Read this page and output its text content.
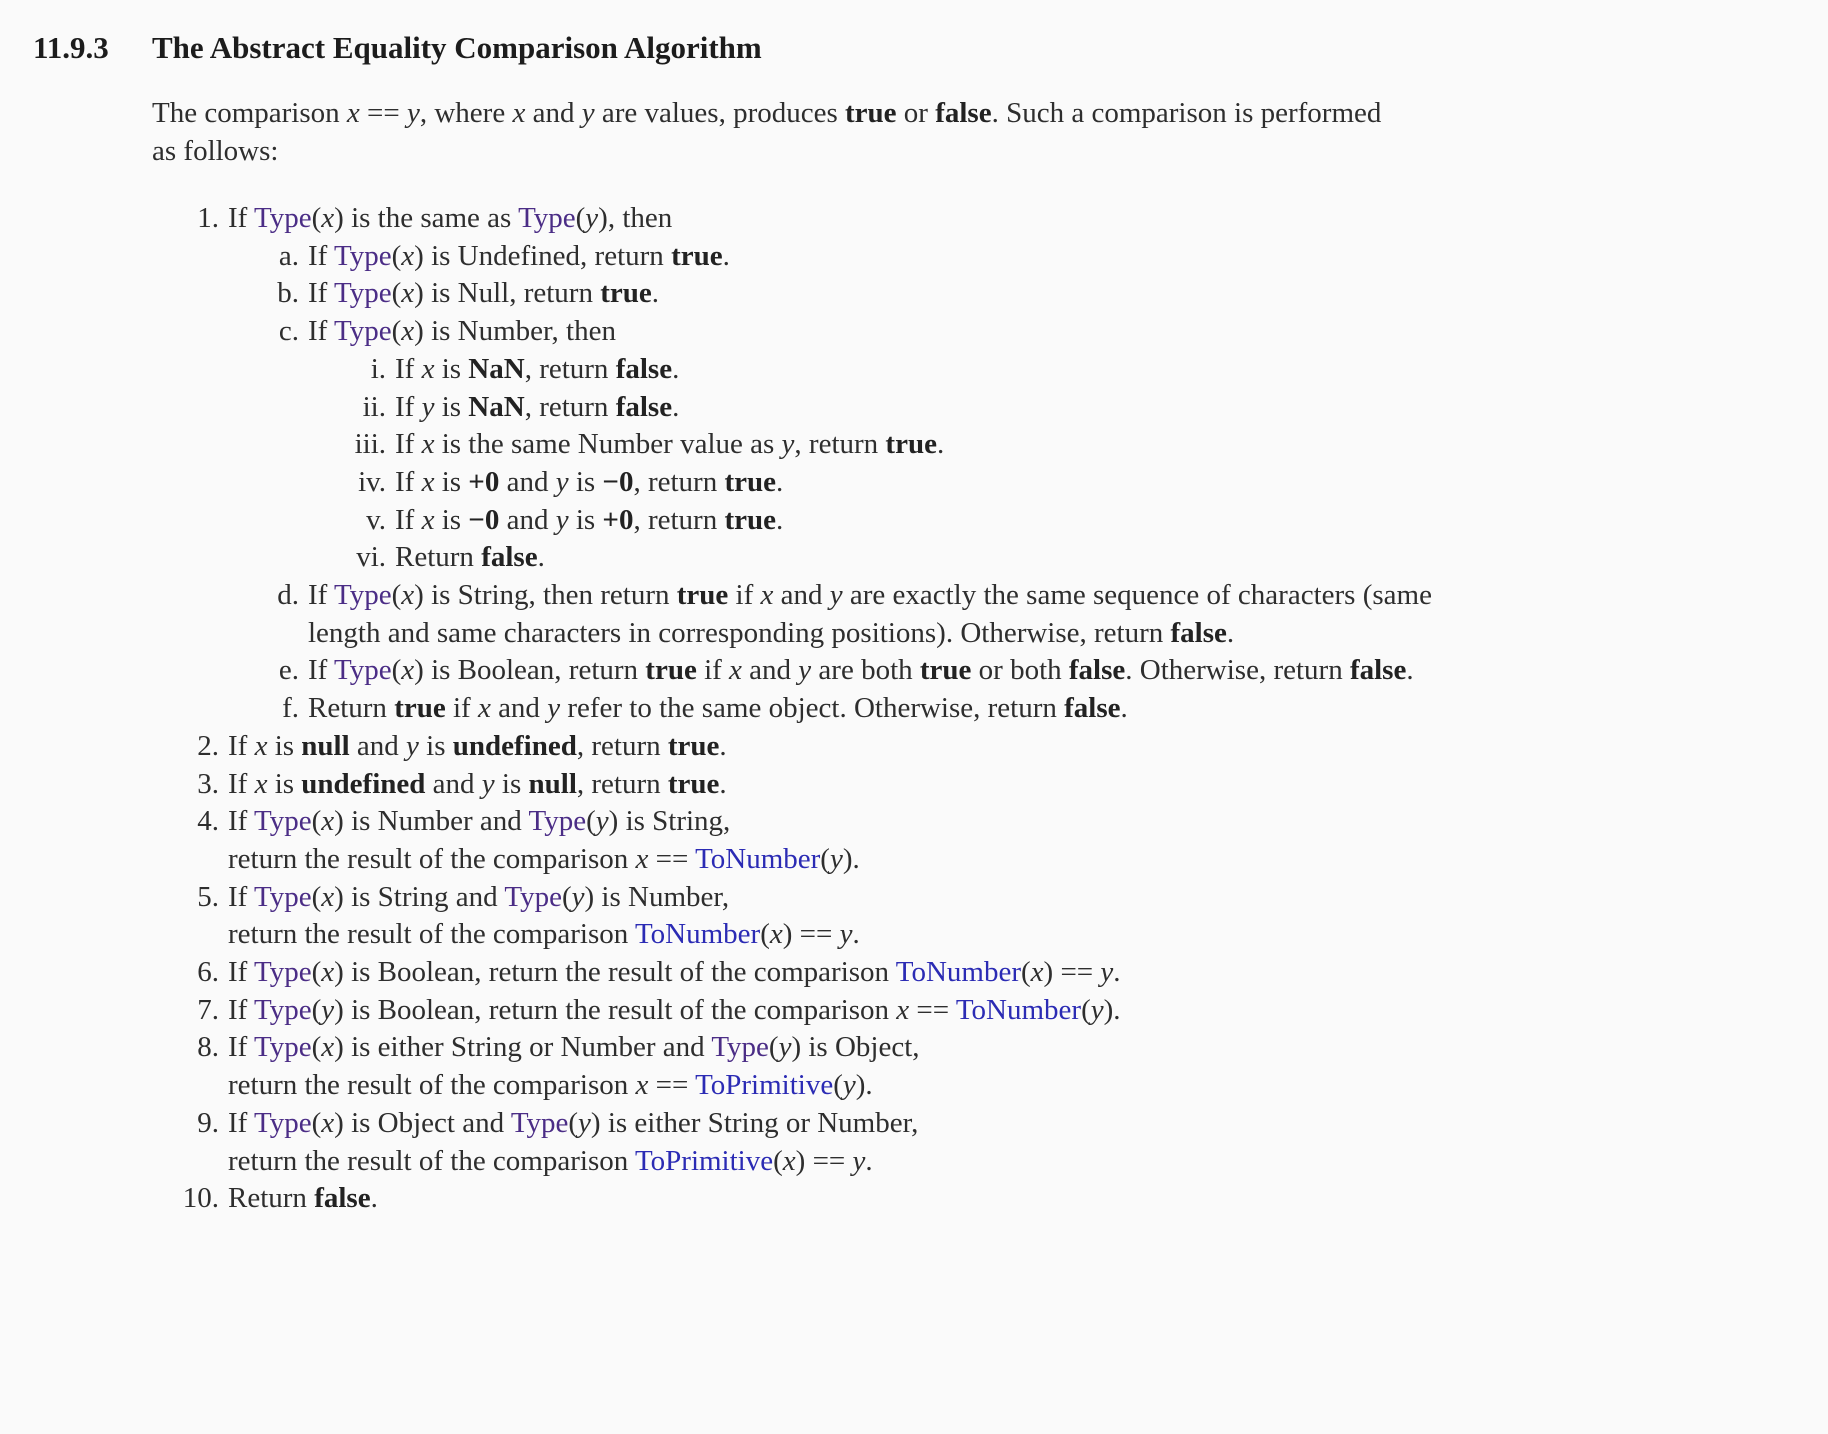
11.9.3 The Abstract Equality Comparison Algorithm
The comparison x == y, where x and y are values, produces true or false. Such a comparison is performed
as follows:
1. If Type(x) is the same as Type(y), then
a. If Type(x) is Undefined, return true.
b. If Type(x) is Null, return true.
c. If Type(x) is Number, then
i. If x is NaN, return false.
ii. If y is NaN, return false.
iii. If x is the same Number value as y, return true.
iv. If x is +0 and y is −0, return true.
v. If x is −0 and y is +0, return true.
vi. Return false.
d. If Type(x) is String, then return true if x and y are exactly the same sequence of characters (same
length and same characters in corresponding positions). Otherwise, return false.
e. If Type(x) is Boolean, return true if x and y are both true or both false. Otherwise, return false.
f. Return true if x and y refer to the same object. Otherwise, return false.
2. If x is null and y is undefined, return true.
3. If x is undefined and y is null, return true.
4. If Type(x) is Number and Type(y) is String,
return the result of the comparison x == ToNumber(y).
5. If Type(x) is String and Type(y) is Number,
return the result of the comparison ToNumber(x) == y.
6. If Type(x) is Boolean, return the result of the comparison ToNumber(x) == y.
7. If Type(y) is Boolean, return the result of the comparison x == ToNumber(y).
8. If Type(x) is either String or Number and Type(y) is Object,
return the result of the comparison x == ToPrimitive(y).
9. If Type(x) is Object and Type(y) is either String or Number,
return the result of the comparison ToPrimitive(x) == y.
10. Return false.
